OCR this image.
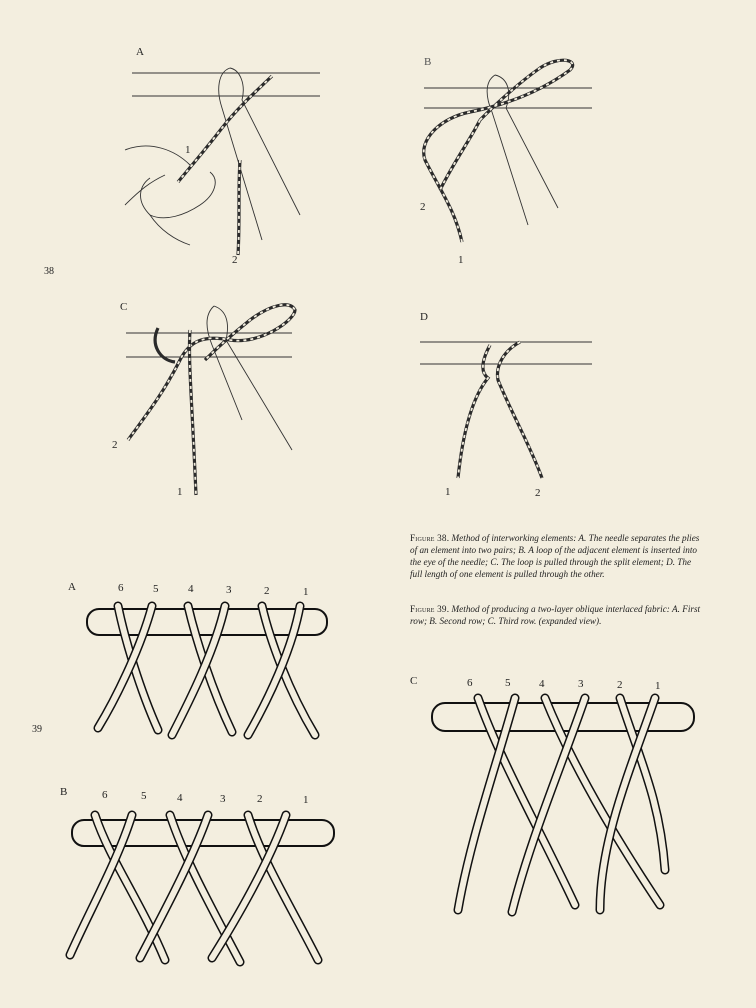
38
A
1
2
B
2
1
C
2
1
D
1	2
Figure 38. Method of interworking elements: A. The needle separates the plies of an element into two pairs; B. A loop of the adjacent element is inserted into the eye of the needle; C. The loop is pulled through the split element; D. The full length of one element is pulled through the other.
Figure 39. Method of producing a two-layer oblique interlaced fabric: A. First row; B. Second row; C. Third row. (expanded view).
39
A	6	5	4	3	2	1
B	6	5	4	3	2	1
C	6	5	4	3	2	1
